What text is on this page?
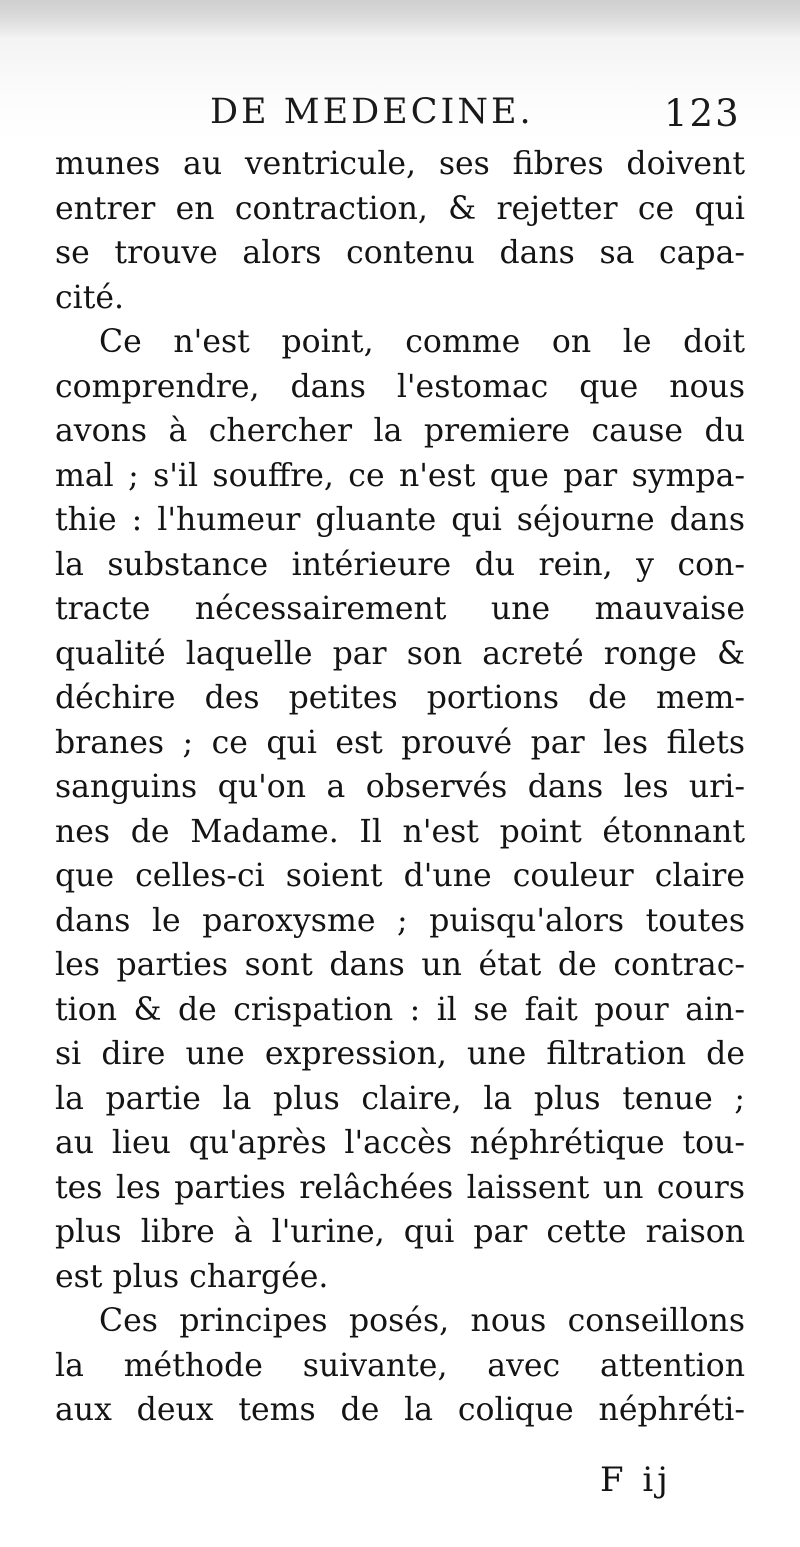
DE MEDECINE.	123
munes au ventricule, ses fibres doivent
entrer en contraction, & rejetter ce qui
se trouve alors contenu dans sa capa-
cité.
Ce n'est point, comme on le doit
comprendre, dans l'estomac que nous
avons à chercher la premiere cause du
mal ; s'il souffre, ce n'est que par sympa-
thie : l'humeur gluante qui séjourne dans
la substance intérieure du rein, y con-
tracte nécessairement une mauvaise
qualité laquelle par son acreté ronge &
déchire des petites portions de mem-
branes ; ce qui est prouvé par les filets
sanguins qu'on a observés dans les uri-
nes de Madame. Il n'est point étonnant
que celles-ci soient d'une couleur claire
dans le paroxysme ; puisqu'alors toutes
les parties sont dans un état de contrac-
tion & de crispation : il se fait pour ain-
si dire une expression, une filtration de
la partie la plus claire, la plus tenue ;
au lieu qu'après l'accès néphrétique tou-
tes les parties relâchées laissent un cours
plus libre à l'urine, qui par cette raison
est plus chargée.
Ces principes posés, nous conseillons
la méthode suivante, avec attention
aux deux tems de la colique néphréti-
F ij
